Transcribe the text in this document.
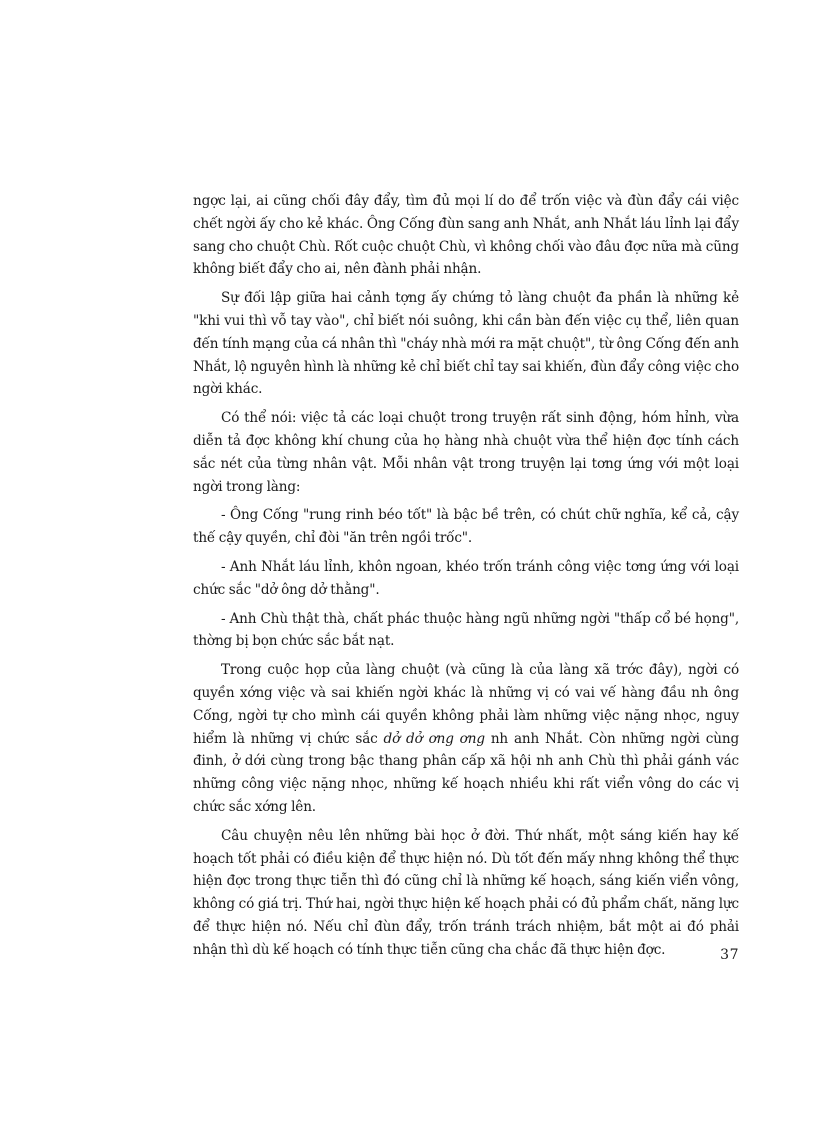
ngợc lại, ai cũng chối đây đẩy, tìm đủ mọi lí do để trốn việc và đùn đẩy cái việc chết ngời ấy cho kẻ khác. Ông Cống đùn sang anh Nhắt, anh Nhắt láu lỉnh lại đẩy sang cho chuột Chù. Rốt cuộc chuột Chù, vì không chối vào đâu đợc nữa mà cũng không biết đẩy cho ai, nên đành phải nhận.

Sự đối lập giữa hai cảnh tợng ấy chứng tỏ làng chuột đa phần là những kẻ "khi vui thì vỗ tay vào", chỉ biết nói suông, khi cần bàn đến việc cụ thể, liên quan đến tính mạng của cá nhân thì "cháy nhà mới ra mặt chuột", từ ông Cống đến anh Nhắt, lộ nguyên hình là những kẻ chỉ biết chỉ tay sai khiến, đùn đẩy công việc cho ngời khác.

Có thể nói: việc tả các loại chuột trong truyện rất sinh động, hóm hỉnh, vừa diễn tả đợc không khí chung của họ hàng nhà chuột vừa thể hiện đợc tính cách sắc nét của từng nhân vật. Mỗi nhân vật trong truyện lại tơng ứng với một loại ngời trong làng:

- Ông Cống "rung rinh béo tốt" là bậc bề trên, có chút chữ nghĩa, kể cả, cậy thế cậy quyền, chỉ đòi "ăn trên ngồi trốc".

- Anh Nhắt láu lỉnh, khôn ngoan, khéo trốn tránh công việc tơng ứng với loại chức sắc "dở ông dở thằng".

- Anh Chù thật thà, chất phác thuộc hàng ngũ những ngời "thấp cổ bé họng", thờng bị bọn chức sắc bắt nạt.

Trong cuộc họp của làng chuột (và cũng là của làng xã trớc đây), ngời có quyền xớng việc và sai khiến ngời khác là những vị có vai vế hàng đầu nh ông Cống, ngời tự cho mình cái quyền không phải làm những việc nặng nhọc, nguy hiểm là những vị chức sắc dở dở ơng ơng nh anh Nhắt. Còn những ngời cùng đinh, ở dới cùng trong bậc thang phân cấp xã hội nh anh Chù thì phải gánh vác những công việc nặng nhọc, những kế hoạch nhiều khi rất viển vông do các vị chức sắc xớng lên.

Câu chuyện nêu lên những bài học ở đời. Thứ nhất, một sáng kiến hay kế hoạch tốt phải có điều kiện để thực hiện nó. Dù tốt đến mấy nhng không thể thực hiện đợc trong thực tiễn thì đó cũng chỉ là những kế hoạch, sáng kiến viển vông, không có giá trị. Thứ hai, ngời thực hiện kế hoạch phải có đủ phẩm chất, năng lực để thực hiện nó. Nếu chỉ đùn đẩy, trốn tránh trách nhiệm, bắt một ai đó phải nhận thì dù kế hoạch có tính thực tiễn cũng cha chắc đã thực hiện đợc.	37
